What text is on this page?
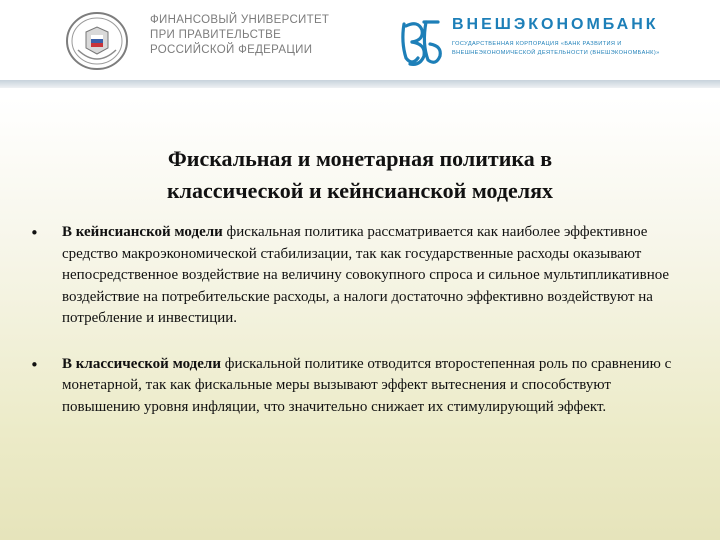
ФИНАНСОВЫЙ УНИВЕРСИТЕТ
ПРИ ПРАВИТЕЛЬСТВЕ
РОССИЙСКОЙ ФЕДЕРАЦИИ
ВНЕШЭКОНОМБАНК
ГОСУДАРСТВЕННАЯ КОРПОРАЦИЯ «БАНК РАЗВИТИЯ И
ВНЕШНЕЭКОНОМИЧЕСКОЙ ДЕЯТЕЛЬНОСТИ (ВНЕШЭКОНОМБАНК)»
Фискальная и монетарная политика в
классической и кейнсианской моделях
• В кейнсианской модели фискальная политика рассматривается как наиболее эффективное средство макроэкономической стабилизации, так как государственные расходы оказывают непосредственное воздействие на величину совокупного спроса и сильное мультипликативное воздействие на потребительские расходы, а налоги достаточно эффективно воздействуют на потребление и инвестиции.
• В классической модели фискальной политике отводится второстепенная роль по сравнению с монетарной, так как фискальные меры вызывают эффект вытеснения и способствуют повышению уровня инфляции, что значительно снижает их стимулирующий эффект.
